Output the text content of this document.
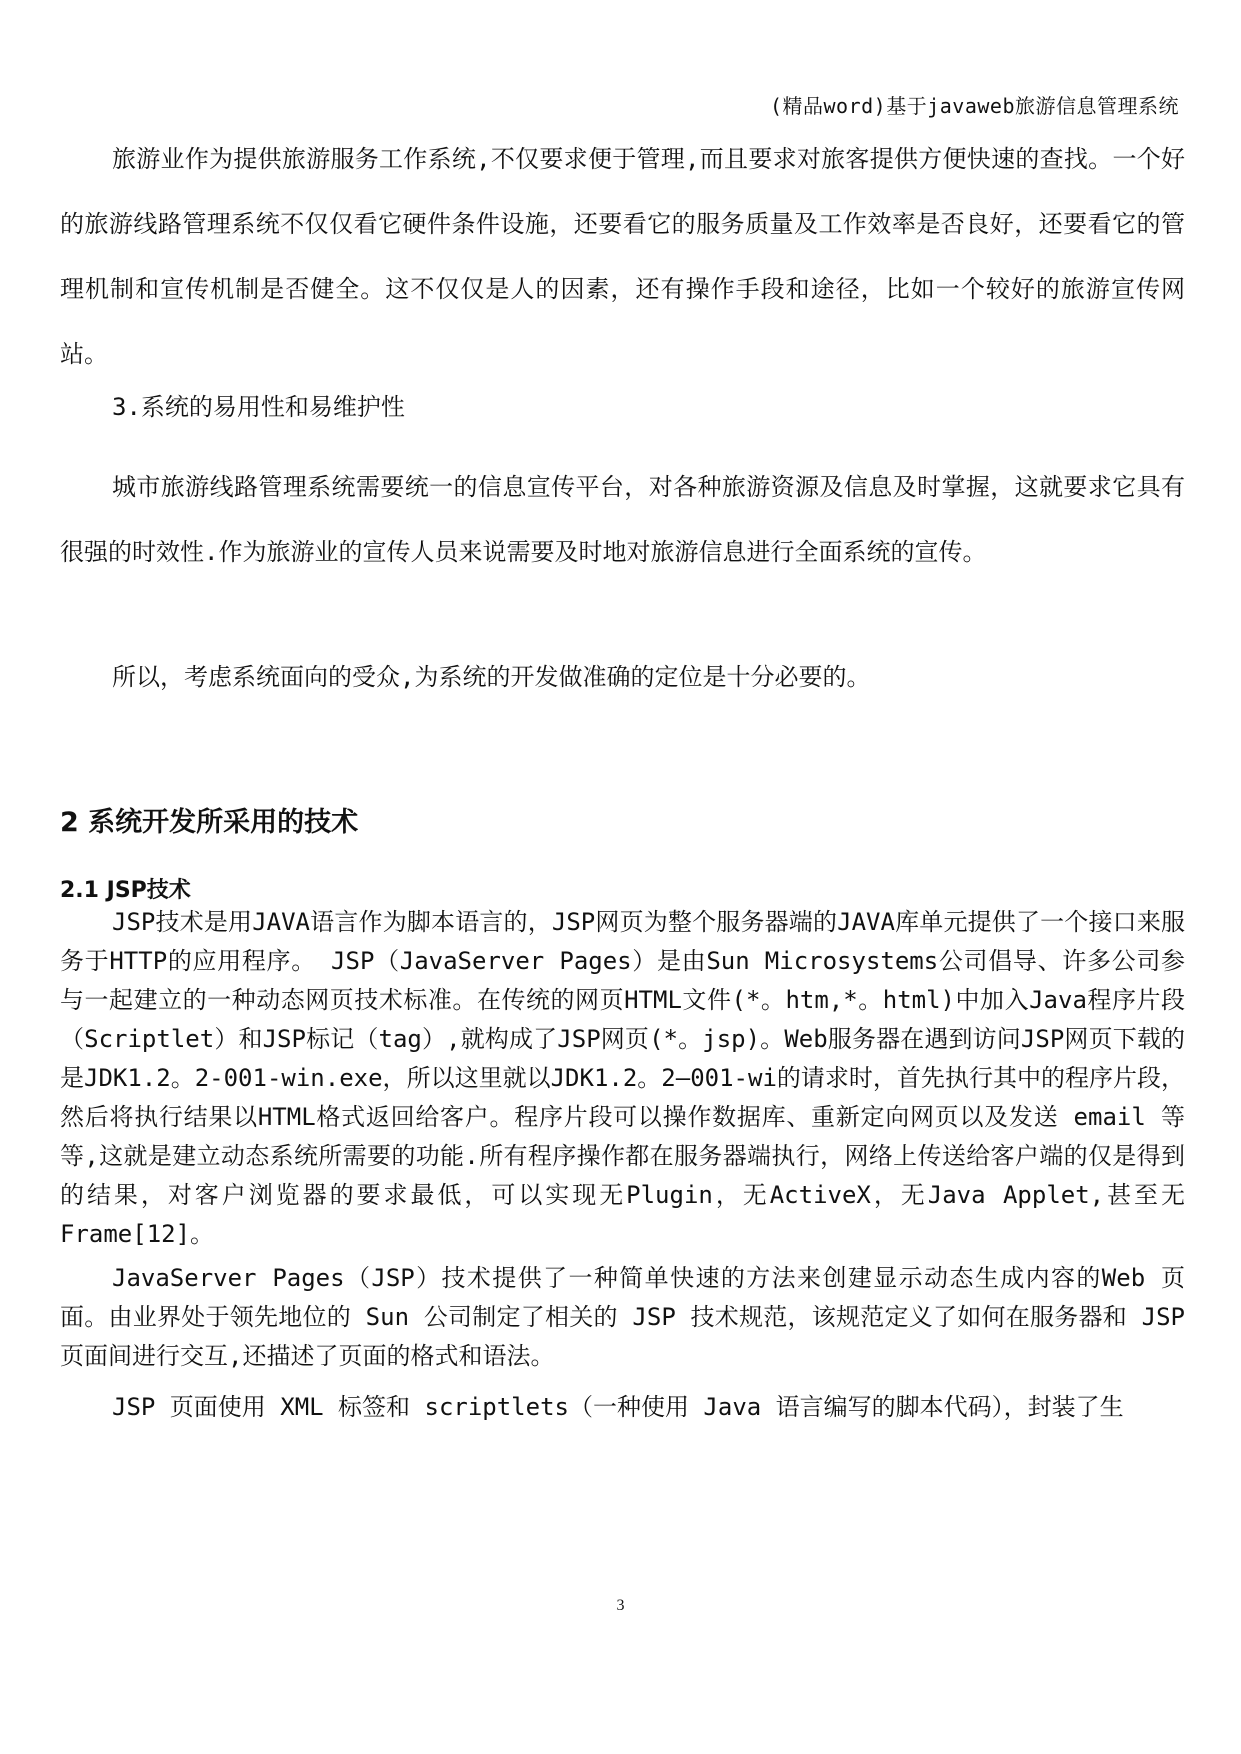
(精品word)基于javaweb旅游信息管理系统

旅游业作为提供旅游服务工作系统,不仅要求便于管理,而且要求对旅客提供方便快速的查找。一个好的旅游线路管理系统不仅仅看它硬件条件设施，还要看它的服务质量及工作效率是否良好，还要看它的管理机制和宣传机制是否健全。这不仅仅是人的因素，还有操作手段和途径，比如一个较好的旅游宣传网站。

3.系统的易用性和易维护性

城市旅游线路管理系统需要统一的信息宣传平台，对各种旅游资源及信息及时掌握，这就要求它具有很强的时效性.作为旅游业的宣传人员来说需要及时地对旅游信息进行全面系统的宣传。

所以，考虑系统面向的受众,为系统的开发做准确的定位是十分必要的。

2 系统开发所采用的技术
2.1 JSP技术

JSP技术是用JAVA语言作为脚本语言的，JSP网页为整个服务器端的JAVA库单元提供了一个接口来服务于HTTP的应用程序。 JSP（JavaServer Pages）是由Sun Microsystems公司倡导、许多公司参与一起建立的一种动态网页技术标准。在传统的网页HTML文件(*。htm,*。html)中加入Java程序片段（Scriptlet）和JSP标记（tag）,就构成了JSP网页(*。jsp)。Web服务器在遇到访问JSP网页下载的是JDK1.2。2-001-win.exe，所以这里就以JDK1.2。2—001-wi的请求时，首先执行其中的程序片段，然后将执行结果以HTML格式返回给客户。程序片段可以操作数据库、重新定向网页以及发送 email 等等,这就是建立动态系统所需要的功能.所有程序操作都在服务器端执行，网络上传送给客户端的仅是得到的结果，对客户浏览器的要求最低，可以实现无Plugin，无ActiveX，无Java Applet,甚至无Frame[12]。

JavaServer Pages（JSP）技术提供了一种简单快速的方法来创建显示动态生成内容的Web 页面。由业界处于领先地位的 Sun 公司制定了相关的 JSP 技术规范，该规范定义了如何在服务器和 JSP 页面间进行交互,还描述了页面的格式和语法。

JSP 页面使用 XML 标签和 scriptlets（一种使用 Java 语言编写的脚本代码），封装了生

3
